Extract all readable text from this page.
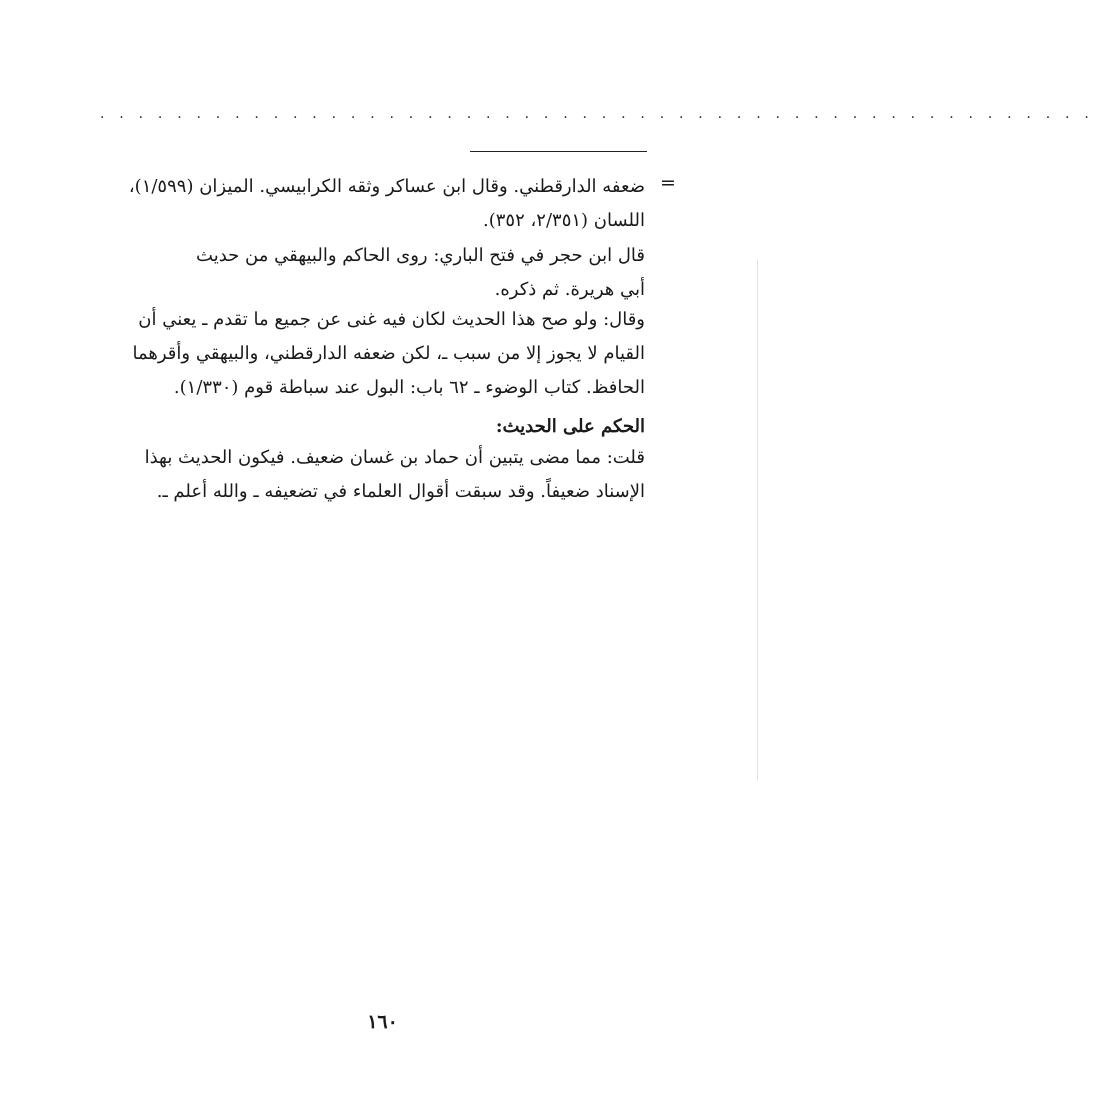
. . . . . . . . . . . . . . . . . . . . . . . . . . . . . . . . . . . . . . . . . . . . . . . . . . . .
=

ضعفه الدارقطني. وقال ابن عساكر وثقه الكرابيسي. الميزان (١/٥٩٩)،
اللسان (٢/٣٥١، ٣٥٢).

قال ابن حجر في فتح الباري: روى الحاكم والبيهقي من حديث
أبي هريرة. ثم ذكره.

وقال: ولو صح هذا الحديث لكان فيه غنى عن جميع ما تقدم ـ يعني أن
القيام لا يجوز إلا من سبب ـ، لكن ضعفه الدارقطني، والبيهقي وأقرهما
الحافظ. كتاب الوضوء ـ ٦٢ باب: البول عند سباطة قوم (١/٣٣٠).

الحكم على الحديث:

قلت: مما مضى يتبين أن حماد بن غسان ضعيف. فيكون الحديث بهذا
الإسناد ضعيفاً. وقد سبقت أقوال العلماء في تضعيفه ـ والله أعلم ـ.

١٦٠
